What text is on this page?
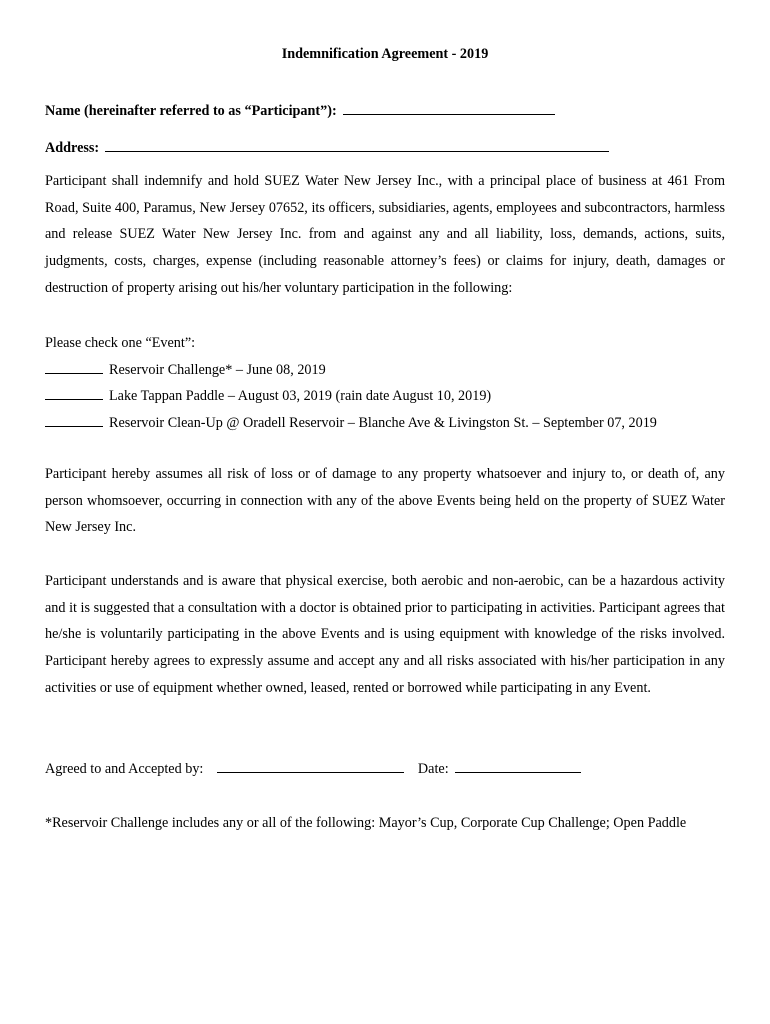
Indemnification Agreement - 2019
Name (hereinafter referred to as “Participant”):
Address:
Participant shall indemnify and hold SUEZ Water New Jersey Inc., with a principal place of business at 461 From Road, Suite 400, Paramus, New Jersey 07652, its officers, subsidiaries, agents, employees and subcontractors, harmless and release SUEZ Water New Jersey Inc. from and against any and all liability, loss, demands, actions, suits, judgments, costs, charges, expense (including reasonable attorney’s fees) or claims for injury, death, damages or destruction of property arising out his/her voluntary participation in the following:
Please check one “Event”:
Reservoir Challenge* – June 08, 2019
Lake Tappan Paddle – August 03, 2019 (rain date August 10, 2019)
Reservoir Clean-Up @ Oradell Reservoir – Blanche Ave & Livingston St. – September 07, 2019
Participant hereby assumes all risk of loss or of damage to any property whatsoever and injury to, or death of, any person whomsoever, occurring in connection with any of the above Events being held on the property of SUEZ Water New Jersey Inc.
Participant understands and is aware that physical exercise, both aerobic and non-aerobic, can be a hazardous activity and it is suggested that a consultation with a doctor is obtained prior to participating in activities. Participant agrees that he/she is voluntarily participating in the above Events and is using equipment with knowledge of the risks involved. Participant hereby agrees to expressly assume and accept any and all risks associated with his/her participation in any activities or use of equipment whether owned, leased, rented or borrowed while participating in any Event.
Agreed to and Accepted by:	Date:
*Reservoir Challenge includes any or all of the following: Mayor’s Cup, Corporate Cup Challenge; Open Paddle
